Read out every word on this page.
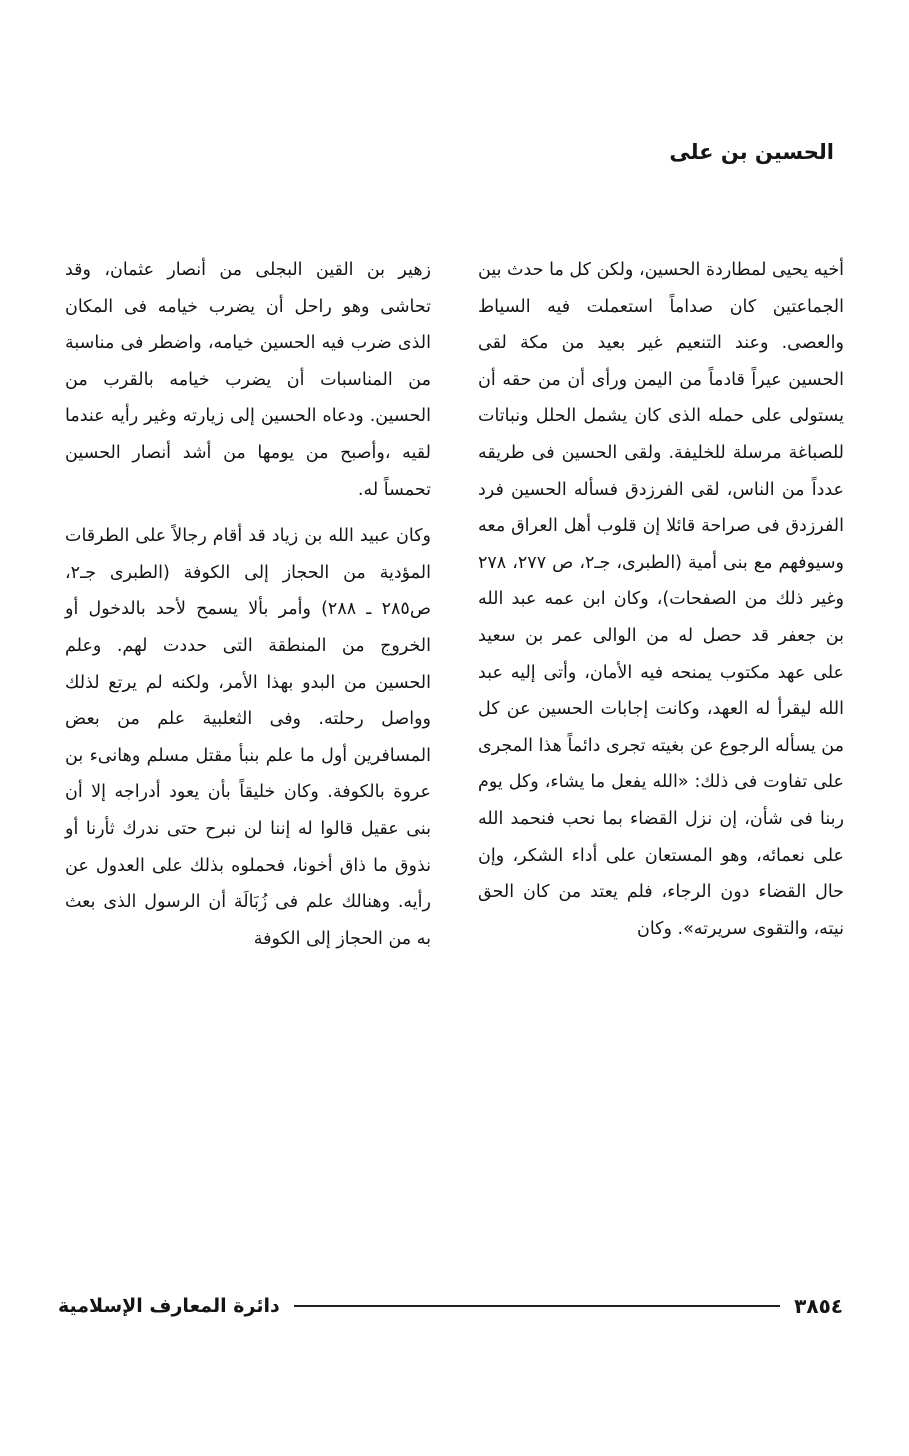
الحسين بن على

أخيه يحيى لمطاردة الحسين، ولكن كل ما حدث بين الجماعتين كان صداماً استعملت فيه السياط والعصى. وعند التنعيم غير بعيد من مكة لقى الحسين عيراً قادماً من اليمن ورأى أن من حقه أن يستولى على حمله الذى كان يشمل الحلل ونباتات للصباغة مرسلة للخليفة. ولقى الحسين فى طريقه عدداً من الناس، لقى الفرزدق فسأله الحسين فرد الفرزدق فى صراحة قائلا إن قلوب أهل العراق معه وسيوفهم مع بنى أمية (الطبرى، جـ٢، ص ٢٧٧، ٢٧٨ وغير ذلك من الصفحات)، وكان ابن عمه عبد الله بن جعفر قد حصل له من الوالى عمر بن سعيد على عهد مكتوب يمنحه فيه الأمان، وأتى إليه عبد الله ليقرأ له العهد، وكانت إجابات الحسين عن كل من يسأله الرجوع عن بغيته تجرى دائماً هذا المجرى على تفاوت فى ذلك: «الله يفعل ما يشاء، وكل يوم ربنا فى شأن، إن نزل القضاء بما نحب فنحمد الله على نعمائه، وهو المستعان على أداء الشكر، وإن حال القضاء دون الرجاء، فلم يعتد من كان الحق نيته، والتقوى سريرته». وكان

زهير بن القين البجلى من أنصار عثمان، وقد تحاشى وهو راحل أن يضرب خيامه فى المكان الذى ضرب فيه الحسين خيامه، واضطر فى مناسبة من المناسبات أن يضرب خيامه بالقرب من الحسين. ودعاه الحسين إلى زيارته وغير رأيه عندما لقيه ،وأصبح من يومها من أشد أنصار الحسين تحمساً له.

وكان عبيد الله بن زياد قد أقام رجالاً على الطرقات المؤدية من الحجاز إلى الكوفة (الطبرى جـ٢، ص٢٨٥ ـ ٢٨٨) وأمر بألا يسمح لأحد بالدخول أو الخروج من المنطقة التى حددت لهم. وعلم الحسين من البدو بهذا الأمر، ولكنه لم يرتع لذلك وواصل رحلته. وفى الثعلبية علم من بعض المسافرين أول ما علم بنبأ مقتل مسلم وهانىء بن عروة بالكوفة. وكان خليقاً بأن يعود أدراجه إلا أن بنى عقيل قالوا له إننا لن نبرح حتى ندرك ثأرنا أو نذوق ما ذاق أخونا، فحملوه بذلك على العدول عن رأيه. وهنالك علم فى زُبَالَة أن الرسول الذى بعث به من الحجاز إلى الكوفة

٣٨٥٤
دائرة المعارف الإسلامية
